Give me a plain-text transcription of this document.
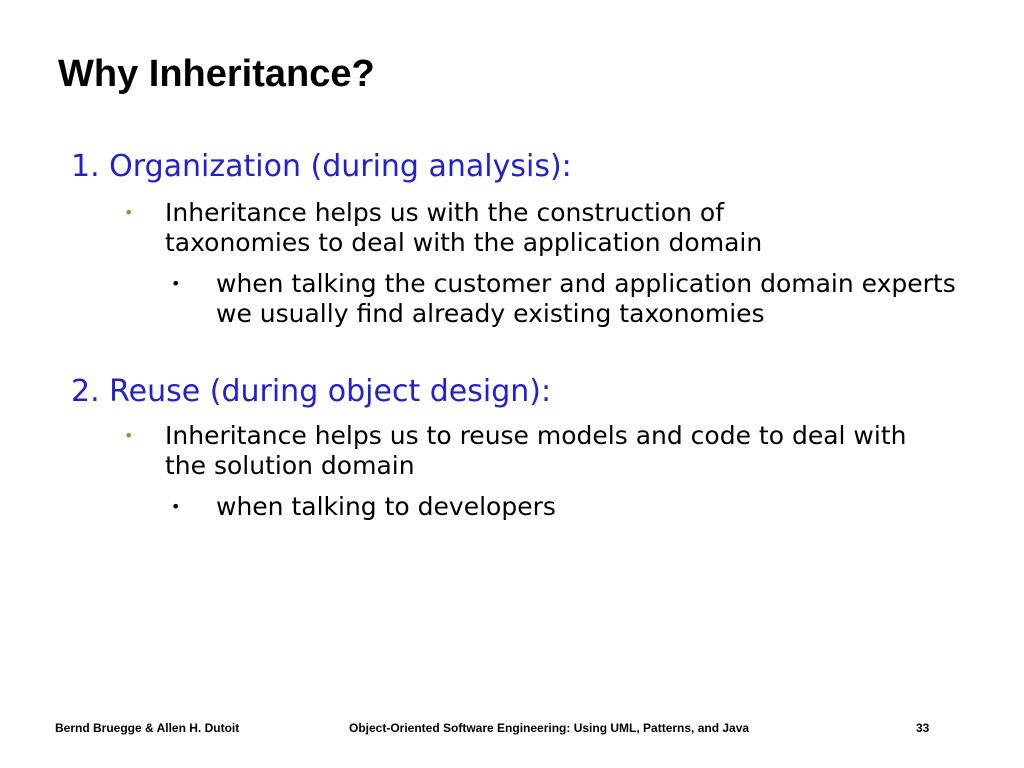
Why Inheritance?
1. Organization (during analysis):
• Inheritance helps us with the construction of taxonomies to deal with the application domain

• when talking the customer and application domain experts we usually find already existing taxonomies

2. Reuse (during object design):
• Inheritance helps us to reuse models and code to deal with the solution domain

• when talking to developers

Bernd Bruegge & Allen H. Dutoit	Object-Oriented Software Engineering: Using UML, Patterns, and Java	33
